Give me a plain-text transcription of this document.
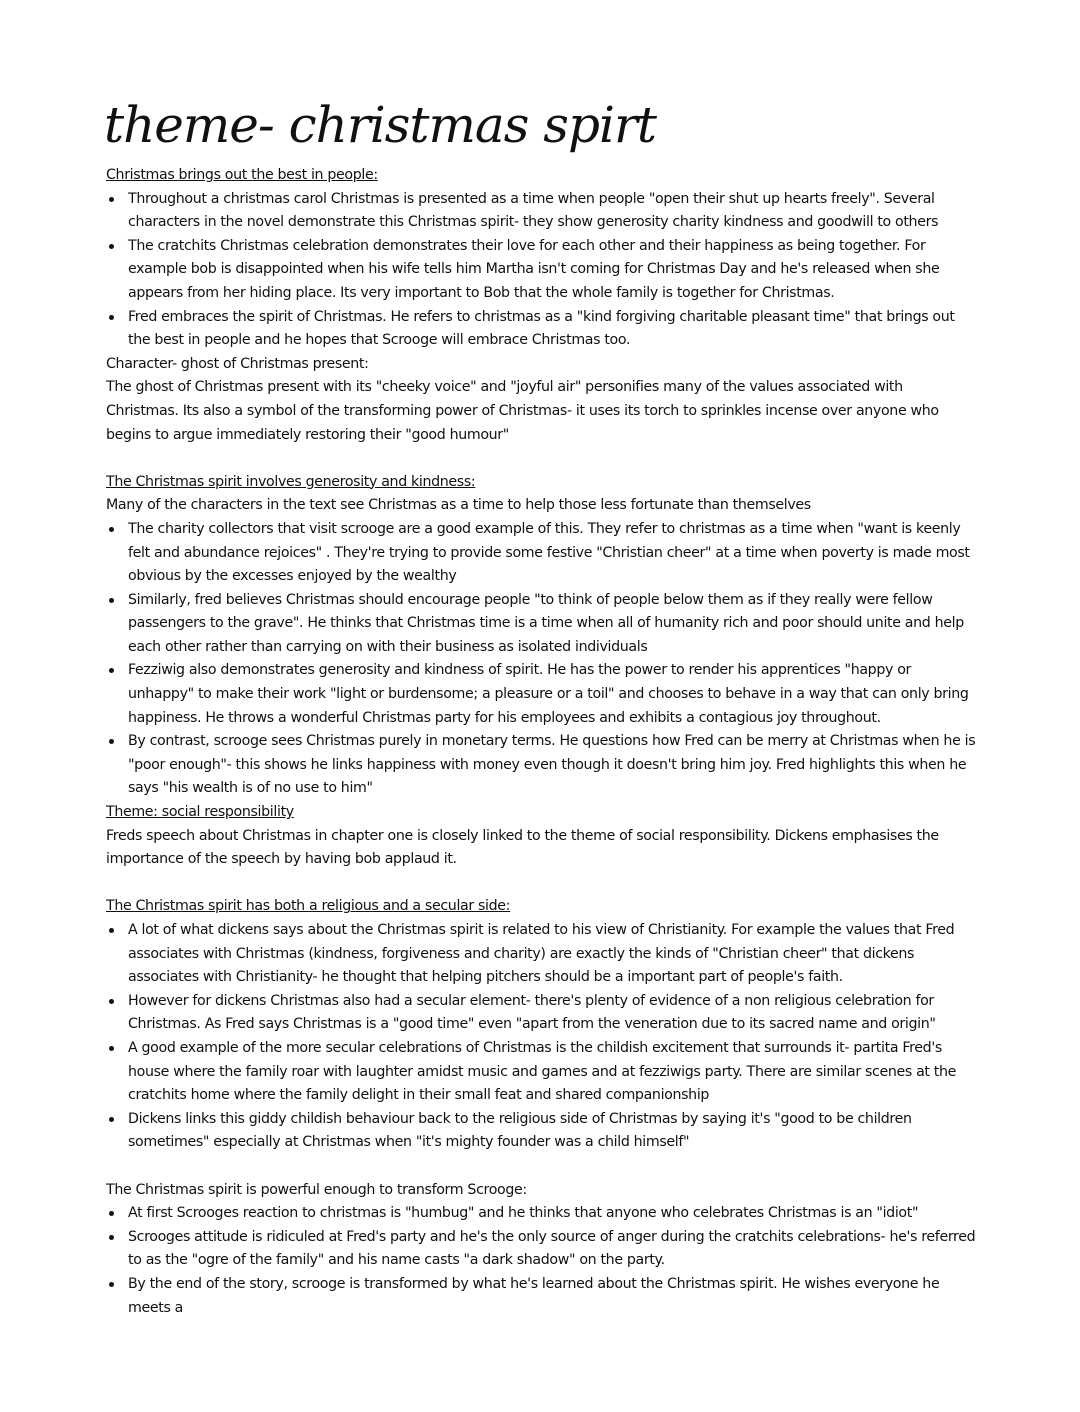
theme- christmas spirt

Christmas brings out the best in people:

Throughout a christmas carol Christmas is presented as a time when people "open their shut up hearts freely". Several characters in the novel demonstrate this Christmas spirit- they show generosity charity kindness and goodwill to others
The cratchits Christmas celebration demonstrates their love for each other and their happiness as being together. For example bob is disappointed when his wife tells him Martha isn't coming for Christmas Day and he's released when she appears from her hiding place. Its very important to Bob that the whole family is together for Christmas.
Fred embraces the spirit of Christmas. He refers to christmas as a "kind forgiving charitable pleasant time" that brings out the best in people and he hopes that Scrooge will embrace Christmas too.

Character- ghost of Christmas present:

The ghost of Christmas present with its "cheeky voice" and "joyful air" personifies many of the values associated with Christmas. Its also a symbol of the transforming power of Christmas- it uses its torch to sprinkles incense over anyone who begins to argue immediately restoring their "good humour"

The Christmas spirit involves generosity and kindness:

Many of the characters in the text see Christmas as a time to help those less fortunate than themselves

The charity collectors that visit scrooge are a good example of this. They refer to christmas as a time when "want is keenly felt and abundance rejoices" . They're trying to provide some festive "Christian cheer" at a time when poverty is made most obvious by the excesses enjoyed by the wealthy
Similarly, fred believes Christmas should encourage people "to think of people below them as if they really were fellow passengers to the grave". He thinks that Christmas time is a time when all of humanity rich and poor should unite and help each other rather than carrying on with their business as isolated individuals
Fezziwig also demonstrates generosity and kindness of spirit. He has the power to render his apprentices "happy or unhappy" to make their work "light or burdensome; a pleasure or a toil" and chooses to behave in a way that can only bring happiness. He throws a wonderful Christmas party for his employees and exhibits a contagious joy throughout.
By contrast, scrooge sees Christmas purely in monetary terms. He questions how Fred can be merry at Christmas when he is "poor enough"- this shows he links happiness with money even though it doesn't bring him joy. Fred highlights this when he says "his wealth is of no use to him"

Theme: social responsibility

Freds speech about Christmas in chapter one is closely linked to the theme of social responsibility. Dickens emphasises the importance of the speech by having bob applaud it.

The Christmas spirit has both a religious and a secular side:

A lot of what dickens says about the Christmas spirit is related to his view of Christianity. For example the values that Fred associates with Christmas (kindness, forgiveness and charity) are exactly the kinds of "Christian cheer" that dickens associates with Christianity- he thought that helping pitchers should be a important part of people's faith.
However for dickens Christmas also had a secular element- there's plenty of evidence of a non religious celebration for Christmas. As Fred says Christmas is a "good time" even "apart from the veneration due to its sacred name and origin"
A good example of the more secular celebrations of Christmas is the childish excitement that surrounds it- partita Fred's house where the family roar with laughter amidst music and games and at fezziwigs party. There are similar scenes at the cratchits home where the family delight in their small feat and shared companionship
Dickens links this giddy childish behaviour back to the religious side of Christmas by saying it's "good to be children sometimes" especially at Christmas when "it's mighty founder was a child himself"

The Christmas spirit is powerful enough to transform Scrooge:

At first Scrooges reaction to christmas is "humbug" and he thinks that anyone who celebrates Christmas is an "idiot"
Scrooges attitude is ridiculed at Fred's party and he's the only source of anger during the cratchits celebrations- he's referred to as the "ogre of the family" and his name casts "a dark shadow" on the party.
By the end of the story, scrooge is transformed by what he's learned about the Christmas spirit. He wishes everyone he meets a
